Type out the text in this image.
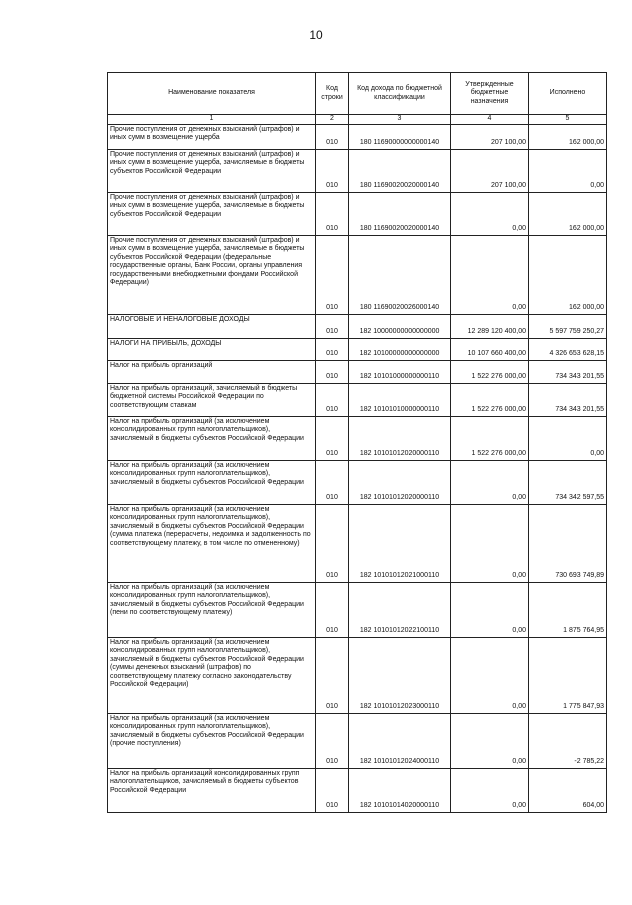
10
Наименование показателя	Код строки	Код дохода по бюджетной классификации	Утвержденные бюджетные назначения	Исполнено
1	2	3	4	5
Прочие поступления от денежных взысканий (штрафов) и иных сумм в возмещение ущерба	010	180 11690000000000140	207 100,00	162 000,00
Прочие поступления от денежных взысканий (штрафов) и иных сумм в возмещение ущерба, зачисляемые в бюджеты субъектов Российской Федерации	010	180 11690020020000140	207 100,00	0,00
Прочие поступления от денежных взысканий (штрафов) и иных сумм в возмещение ущерба, зачисляемые в бюджеты субъектов Российской Федерации	010	180 11690020020000140	0,00	162 000,00
Прочие поступления от денежных взысканий (штрафов) и иных сумм в возмещение ущерба, зачисляемые в бюджеты субъектов Российской Федерации (федеральные государственные органы, Банк России, органы управления государственными внебюджетными фондами Российской Федерации)	010	180 11690020026000140	0,00	162 000,00
НАЛОГОВЫЕ И НЕНАЛОГОВЫЕ ДОХОДЫ	010	182 10000000000000000	12 289 120 400,00	5 597 759 250,27
НАЛОГИ НА ПРИБЫЛЬ, ДОХОДЫ	010	182 10100000000000000	10 107 660 400,00	4 326 653 628,15
Налог на прибыль организаций	010	182 10101000000000110	1 522 276 000,00	734 343 201,55
Налог на прибыль организаций, зачисляемый в бюджеты бюджетной системы Российской Федерации по соответствующим ставкам	010	182 10101010000000110	1 522 276 000,00	734 343 201,55
Налог на прибыль организаций (за исключением консолидированных групп налогоплательщиков), зачисляемый в бюджеты субъектов Российской Федерации	010	182 10101012020000110	1 522 276 000,00	0,00
Налог на прибыль организаций (за исключением консолидированных групп налогоплательщиков), зачисляемый в бюджеты субъектов Российской Федерации	010	182 10101012020000110	0,00	734 342 597,55
Налог на прибыль организаций (за исключением консолидированных групп налогоплательщиков), зачисляемый в бюджеты субъектов Российской Федерации (сумма платежа (перерасчеты, недоимка и задолженность по соответствующему платежу, в том числе по отмененному)	010	182 10101012021000110	0,00	730 693 749,89
Налог на прибыль организаций (за исключением консолидированных групп налогоплательщиков), зачисляемый в бюджеты субъектов Российской Федерации (пени по соответствующему платежу)	010	182 10101012022100110	0,00	1 875 764,95
Налог на прибыль организаций (за исключением консолидированных групп налогоплательщиков), зачисляемый в бюджеты субъектов Российской Федерации (суммы денежных взысканий (штрафов) по соответствующему платежу согласно законодательству Российской Федерации)	010	182 10101012023000110	0,00	1 775 847,93
Налог на прибыль организаций (за исключением консолидированных групп налогоплательщиков), зачисляемый в бюджеты субъектов Российской Федерации (прочие поступления)	010	182 10101012024000110	0,00	-2 785,22
Налог на прибыль организаций консолидированных групп налогоплательщиков, зачисляемый в бюджеты субъектов Российской Федерации	010	182 10101014020000110	0,00	604,00
